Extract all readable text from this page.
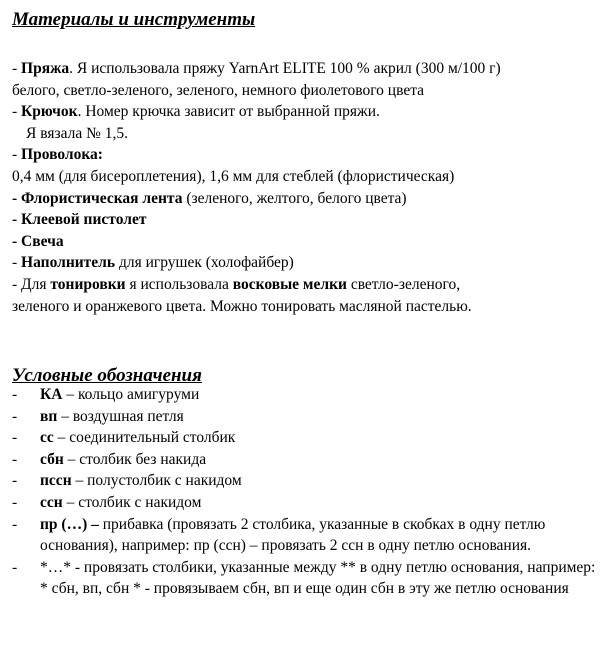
Материалы и инструменты
- Пряжа. Я использовала пряжу YarnArt ELITE 100 % акрил (300 м/100 г)
белого, светло-зеленого, зеленого, немного фиолетового цвета
- Крючок. Номер крючка зависит от выбранной пряжи.
Я вязала № 1,5.
- Проволока:
0,4 мм (для бисероплетения), 1,6 мм для стеблей (флористическая)
- Флористическая лента (зеленого, желтого, белого цвета)
- Клеевой пистолет
- Свеча
- Наполнитель для игрушек (холофайбер)
- Для тонировки я использовала восковые мелки светло-зеленого,
зеленого и оранжевого цвета. Можно тонировать масляной пастелью.
Условные обозначения
-	КА – кольцо амигуруми
-	вп – воздушная петля
-	сс – соединительный столбик
-	сбн – столбик без накида
-	пссн – полустолбик с накидом
-	ссн – столбик с накидом
-	пр (…) – прибавка (провязать 2 столбика, указанные в скобках в одну петлю основания), например: пр (ссн) – провязать 2 ссн в одну петлю основания.
-	*…* - провязать столбики, указанные между ** в одну петлю основания, например: * сбн, вп, сбн * - провязываем сбн, вп и еще один сбн в эту же петлю основания
